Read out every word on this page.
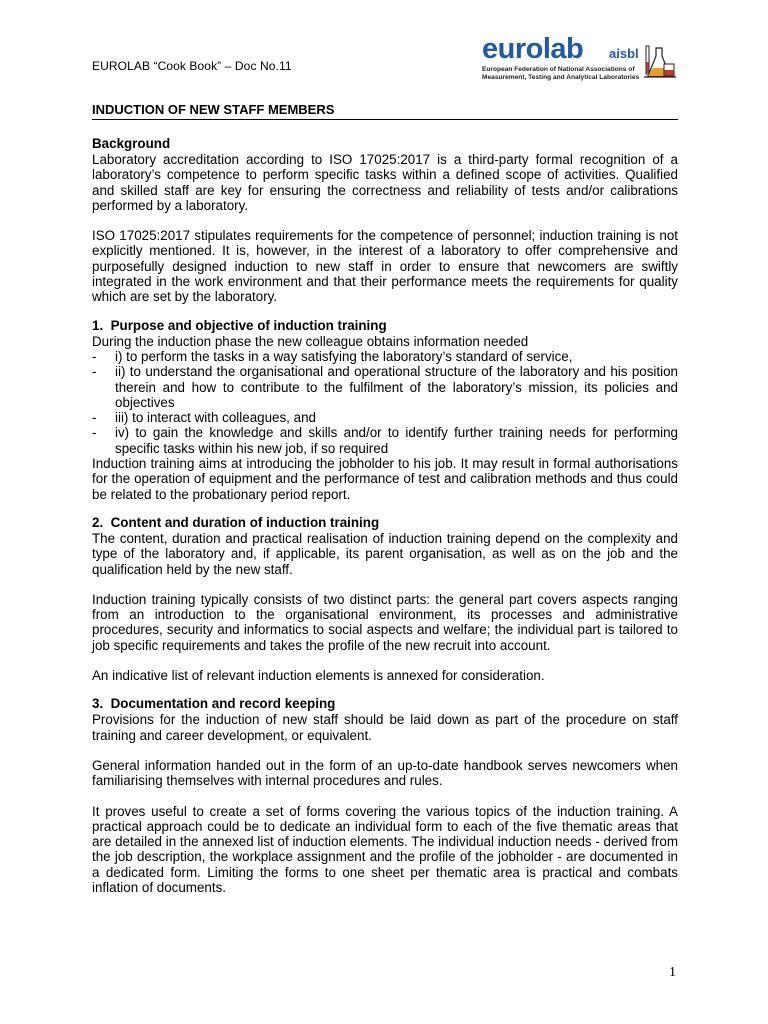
EUROLAB “Cook Book” – Doc No.11
eurolab aisbl
European Federation of National Associations of
Measurement, Testing and Analytical Laboratories
INDUCTION OF NEW STAFF MEMBERS
Background

Laboratory accreditation according to ISO 17025:2017 is a third-party formal recognition of a laboratory’s competence to perform specific tasks within a defined scope of activities. Qualified and skilled staff are key for ensuring the correctness and reliability of tests and/or calibrations performed by a laboratory.

ISO 17025:2017 stipulates requirements for the competence of personnel; induction training is not explicitly mentioned. It is, however, in the interest of a laboratory to offer comprehensive and purposefully designed induction to new staff in order to ensure that newcomers are swiftly integrated in the work environment and that their performance meets the requirements for quality which are set by the laboratory.

1.  Purpose and objective of induction training

During the induction phase the new colleague obtains information needed

- i) to perform the tasks in a way satisfying the laboratory’s standard of service,
- ii) to understand the organisational and operational structure of the laboratory and his position therein and how to contribute to the fulfilment of the laboratory’s mission, its policies and objectives
- iii) to interact with colleagues, and
- iv) to gain the knowledge and skills and/or to identify further training needs for performing specific tasks within his new job, if so required

Induction training aims at introducing the jobholder to his job. It may result in formal authorisations for the operation of equipment and the performance of test and calibration methods and thus could be related to the probationary period report.

2.  Content and duration of induction training

The content, duration and practical realisation of induction training depend on the complexity and type of the laboratory and, if applicable, its parent organisation, as well as on the job and the qualification held by the new staff.

Induction training typically consists of two distinct parts: the general part covers aspects ranging from an introduction to the organisational environment, its processes and administrative procedures, security and informatics to social aspects and welfare; the individual part is tailored to job specific requirements and takes the profile of the new recruit into account.

An indicative list of relevant induction elements is annexed for consideration.

3.  Documentation and record keeping

Provisions for the induction of new staff should be laid down as part of the procedure on staff training and career development, or equivalent.

General information handed out in the form of an up-to-date handbook serves newcomers when familiarising themselves with internal procedures and rules.

It proves useful to create a set of forms covering the various topics of the induction training. A practical approach could be to dedicate an individual form to each of the five thematic areas that are detailed in the annexed list of induction elements. The individual induction needs - derived from the job description, the workplace assignment and the profile of the jobholder - are documented in a dedicated form. Limiting the forms to one sheet per thematic area is practical and combats inflation of documents.

1
